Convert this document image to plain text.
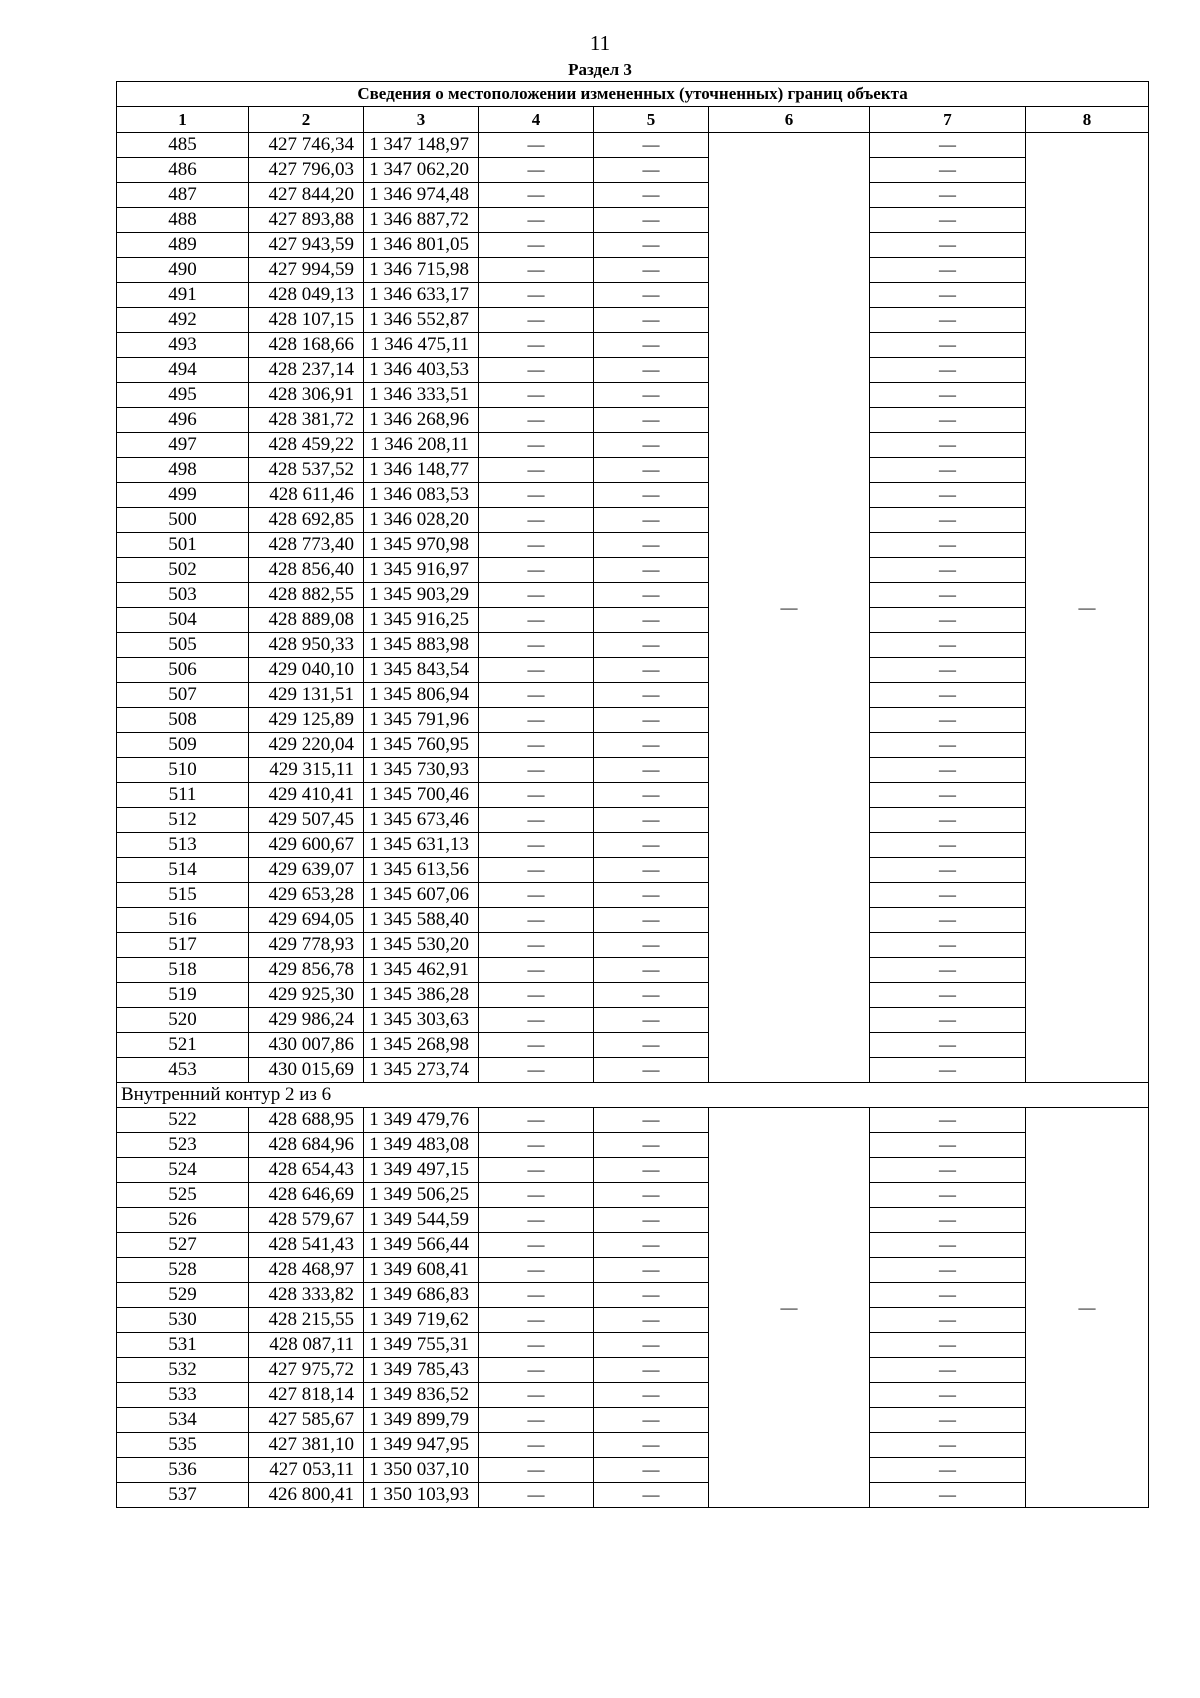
11
Раздел 3
Сведения о местоположении измененных (уточненных) границ объекта							
1	2	3	4	5	6	7	8
485	427 746,34	1 347 148,97	—	—	—	—	—
486	427 796,03	1 347 062,20	—	—		—	
487	427 844,20	1 346 974,48	—	—		—	
488	427 893,88	1 346 887,72	—	—		—	
489	427 943,59	1 346 801,05	—	—		—	
490	427 994,59	1 346 715,98	—	—		—	
491	428 049,13	1 346 633,17	—	—		—	
492	428 107,15	1 346 552,87	—	—		—	
493	428 168,66	1 346 475,11	—	—		—	
494	428 237,14	1 346 403,53	—	—		—	
495	428 306,91	1 346 333,51	—	—		—	
496	428 381,72	1 346 268,96	—	—		—	
497	428 459,22	1 346 208,11	—	—		—	
498	428 537,52	1 346 148,77	—	—		—	
499	428 611,46	1 346 083,53	—	—		—	
500	428 692,85	1 346 028,20	—	—		—	
501	428 773,40	1 345 970,98	—	—		—	
502	428 856,40	1 345 916,97	—	—		—	
503	428 882,55	1 345 903,29	—	—		—	
504	428 889,08	1 345 916,25	—	—		—	
505	428 950,33	1 345 883,98	—	—		—	
506	429 040,10	1 345 843,54	—	—		—	
507	429 131,51	1 345 806,94	—	—		—	
508	429 125,89	1 345 791,96	—	—		—	
509	429 220,04	1 345 760,95	—	—		—	
510	429 315,11	1 345 730,93	—	—		—	
511	429 410,41	1 345 700,46	—	—		—	
512	429 507,45	1 345 673,46	—	—		—	
513	429 600,67	1 345 631,13	—	—		—	
514	429 639,07	1 345 613,56	—	—		—	
515	429 653,28	1 345 607,06	—	—		—	
516	429 694,05	1 345 588,40	—	—		—	
517	429 778,93	1 345 530,20	—	—		—	
518	429 856,78	1 345 462,91	—	—		—	
519	429 925,30	1 345 386,28	—	—		—	
520	429 986,24	1 345 303,63	—	—		—	
521	430 007,86	1 345 268,98	—	—		—	
453	430 015,69	1 345 273,74	—	—		—	
Внутренний контур 2 из 6							
522	428 688,95	1 349 479,76	—	—	—	—	—
523	428 684,96	1 349 483,08	—	—		—	
524	428 654,43	1 349 497,15	—	—		—	
525	428 646,69	1 349 506,25	—	—		—	
526	428 579,67	1 349 544,59	—	—		—	
527	428 541,43	1 349 566,44	—	—		—	
528	428 468,97	1 349 608,41	—	—		—	
529	428 333,82	1 349 686,83	—	—		—	
530	428 215,55	1 349 719,62	—	—		—	
531	428 087,11	1 349 755,31	—	—		—	
532	427 975,72	1 349 785,43	—	—		—	
533	427 818,14	1 349 836,52	—	—		—	
534	427 585,67	1 349 899,79	—	—		—	
535	427 381,10	1 349 947,95	—	—		—	
536	427 053,11	1 350 037,10	—	—		—	
537	426 800,41	1 350 103,93	—	—		—	
